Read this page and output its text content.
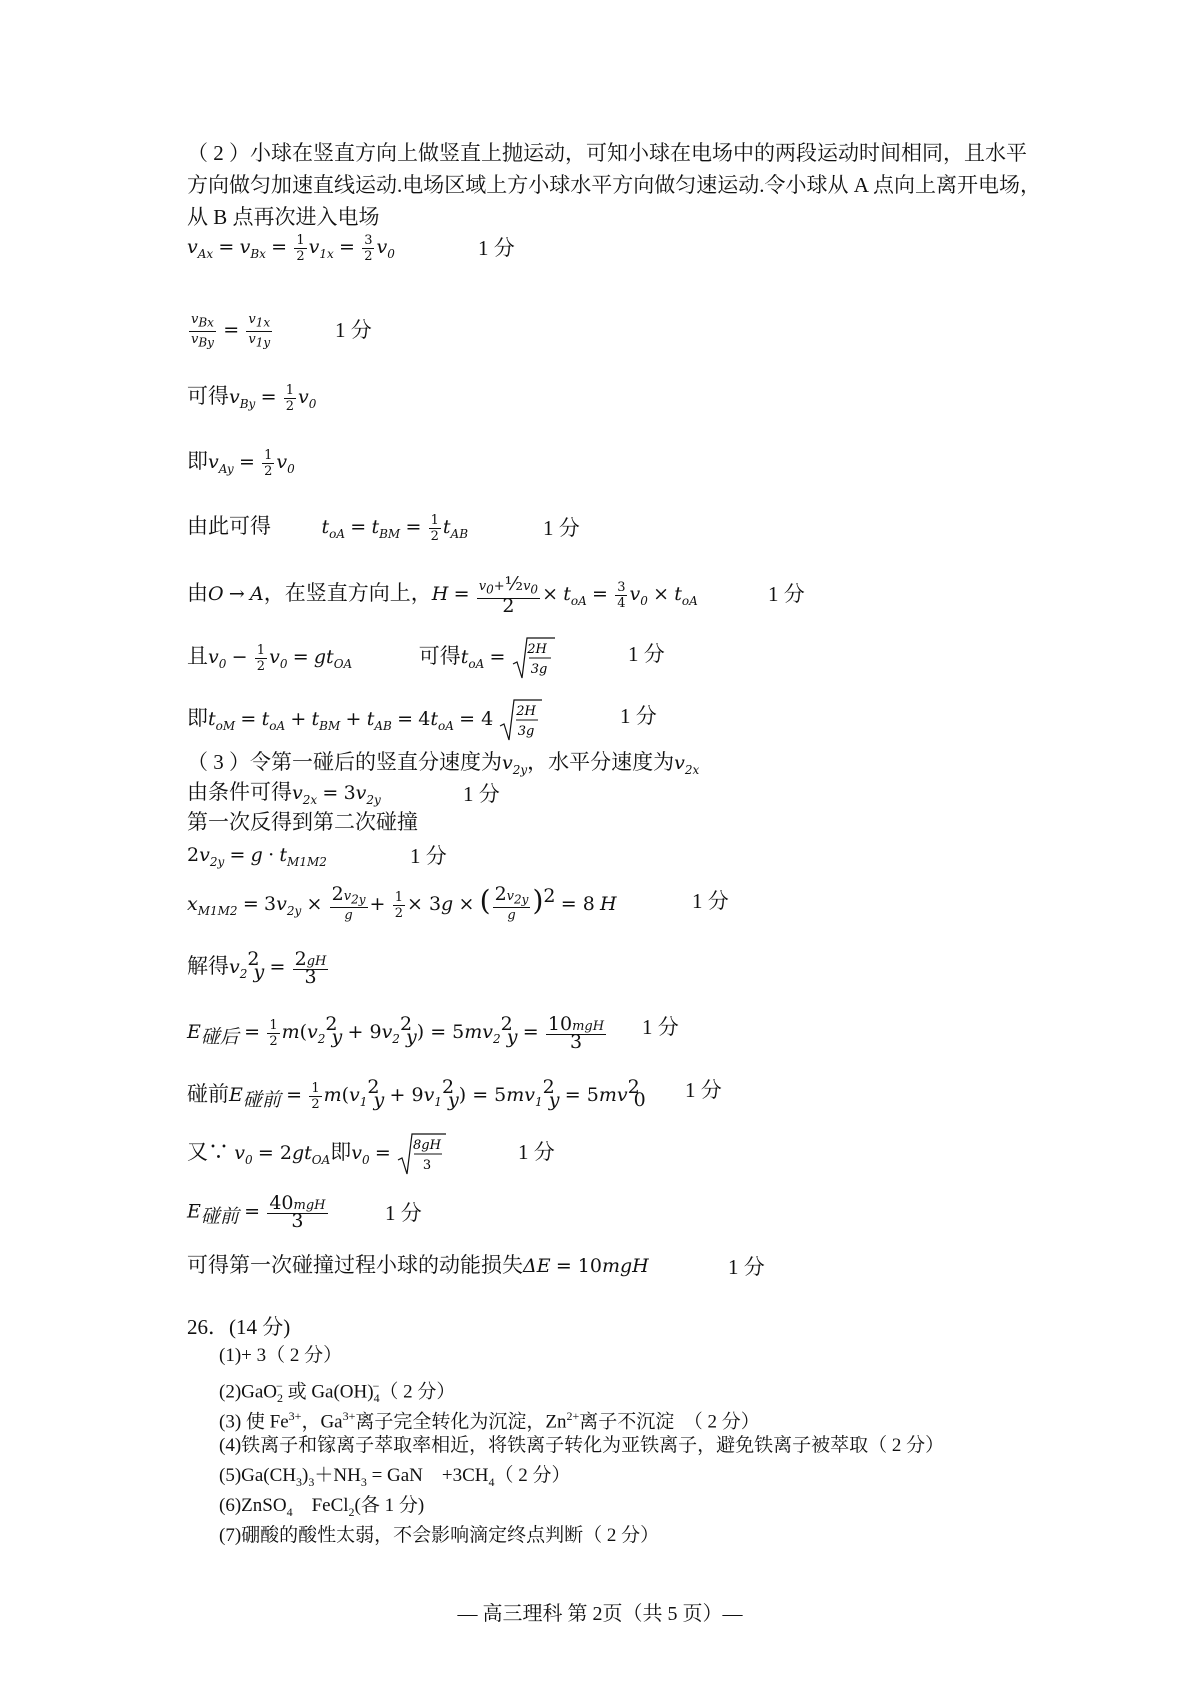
（ 2 ）小球在竖直方向上做竖直上抛运动，可知小球在电场中的两段运动时间相同，且水平方向做匀加速直线运动.电场区域上方小球水平方向做匀速运动.令小球从 A 点向上离开电场，从 B 点再次进入电场
$v_{Ax} = v_{Bx} = \frac{1}{2} v_{1x} = \frac{3}{2} v_0$	1 分
$\frac{v_{Bx}}{v_{By}} = \frac{v_{1x}}{v_{1y}}$	1 分
可得$v_{By} = \frac{1}{2} v_0$
即$v_{Ay} = \frac{1}{2} v_0$
由此可得	$t_{oA} = t_{BM} = \frac{1}{2} t_{AB}$	1 分
由O → A，在竖直方向上，$H = \frac{v_0+\frac{1}{2}v_0}{2} \times t_{oA} = \frac{3}{4} v_0 \times t_{oA}$	1 分
且$v_0 - \frac{1}{2} v_0 = gt_{OA}$	可得$t_{oA} = 2H$
3g
1 分
即$t_{oM} = t_{oA} + t_{BM} + t_{AB} = 4t_{oA} = 4$ 2H
3g
1 分
（ 3 ）令第一碰后的竖直分速度为$v_{2y}$，水平分速度为$v_{2x}$
由条件可得$v_{2x} = 3v_{2y}$	1 分
第一次反得到第二次碰撞
$2v_{2y} = g \cdot t_{M1M2}$	1 分
$x_{M1M2} = 3v_{2y} \times \frac{2v_{2y}}{g} + \frac{1}{2} \times 3g$ × ( $\frac{2v_{2y}}{g} )^2 = 8$ H	1 分
解得$v_2^2_y = \frac{2gH}{3}$
$E_{碰后} = \frac{1}{2} m(v_2^2_y + 9v_2^2_y) = 5mv_2^2_y = \frac{\text{10mgH}}{3} 1$ 分
碰前$E_{碰前} = \frac{1}{2} m(v_1^2_y + 9v_1^2_y) = 5mv_1^2_y = 5mv^2_0$ 1 分
又∵ $v_0 = 2gt_{OA}$即$v_0 = 8gH$
3
1 分
$E_{碰前} = \frac{\text{40mgH}}{3}$	1 分
可得第一次碰撞过程小球的动能损失ΔE = 10mgH	1 分
26．(14 分)
(1)+ 3（ 2 分）
(2)GaO$_2$− 或 $Ga(OH)_4^-$（ 2 分）
(3) 使 $Fe^{3+}$，$Ga^{3+}$离子完全转化为沉淀，$Zn^{2+}$离子不沉淀　（ 2 分）
(4)铁离子和镓离子萃取率相近，将铁离子转化为亚铁离子，避免铁离子被萃取（ 2 分）
$(5)Ga(CH_3)_3+NH_3$ = GaN　$+3CH_4$（ 2 分）
(6)ZnSO$_4$　FeCl$_2$(各 1 分)
(7)硼酸的酸性太弱，不会影响滴定终点判断（ 2 分）
— 高三理科 第 2页（共 5 页）—
